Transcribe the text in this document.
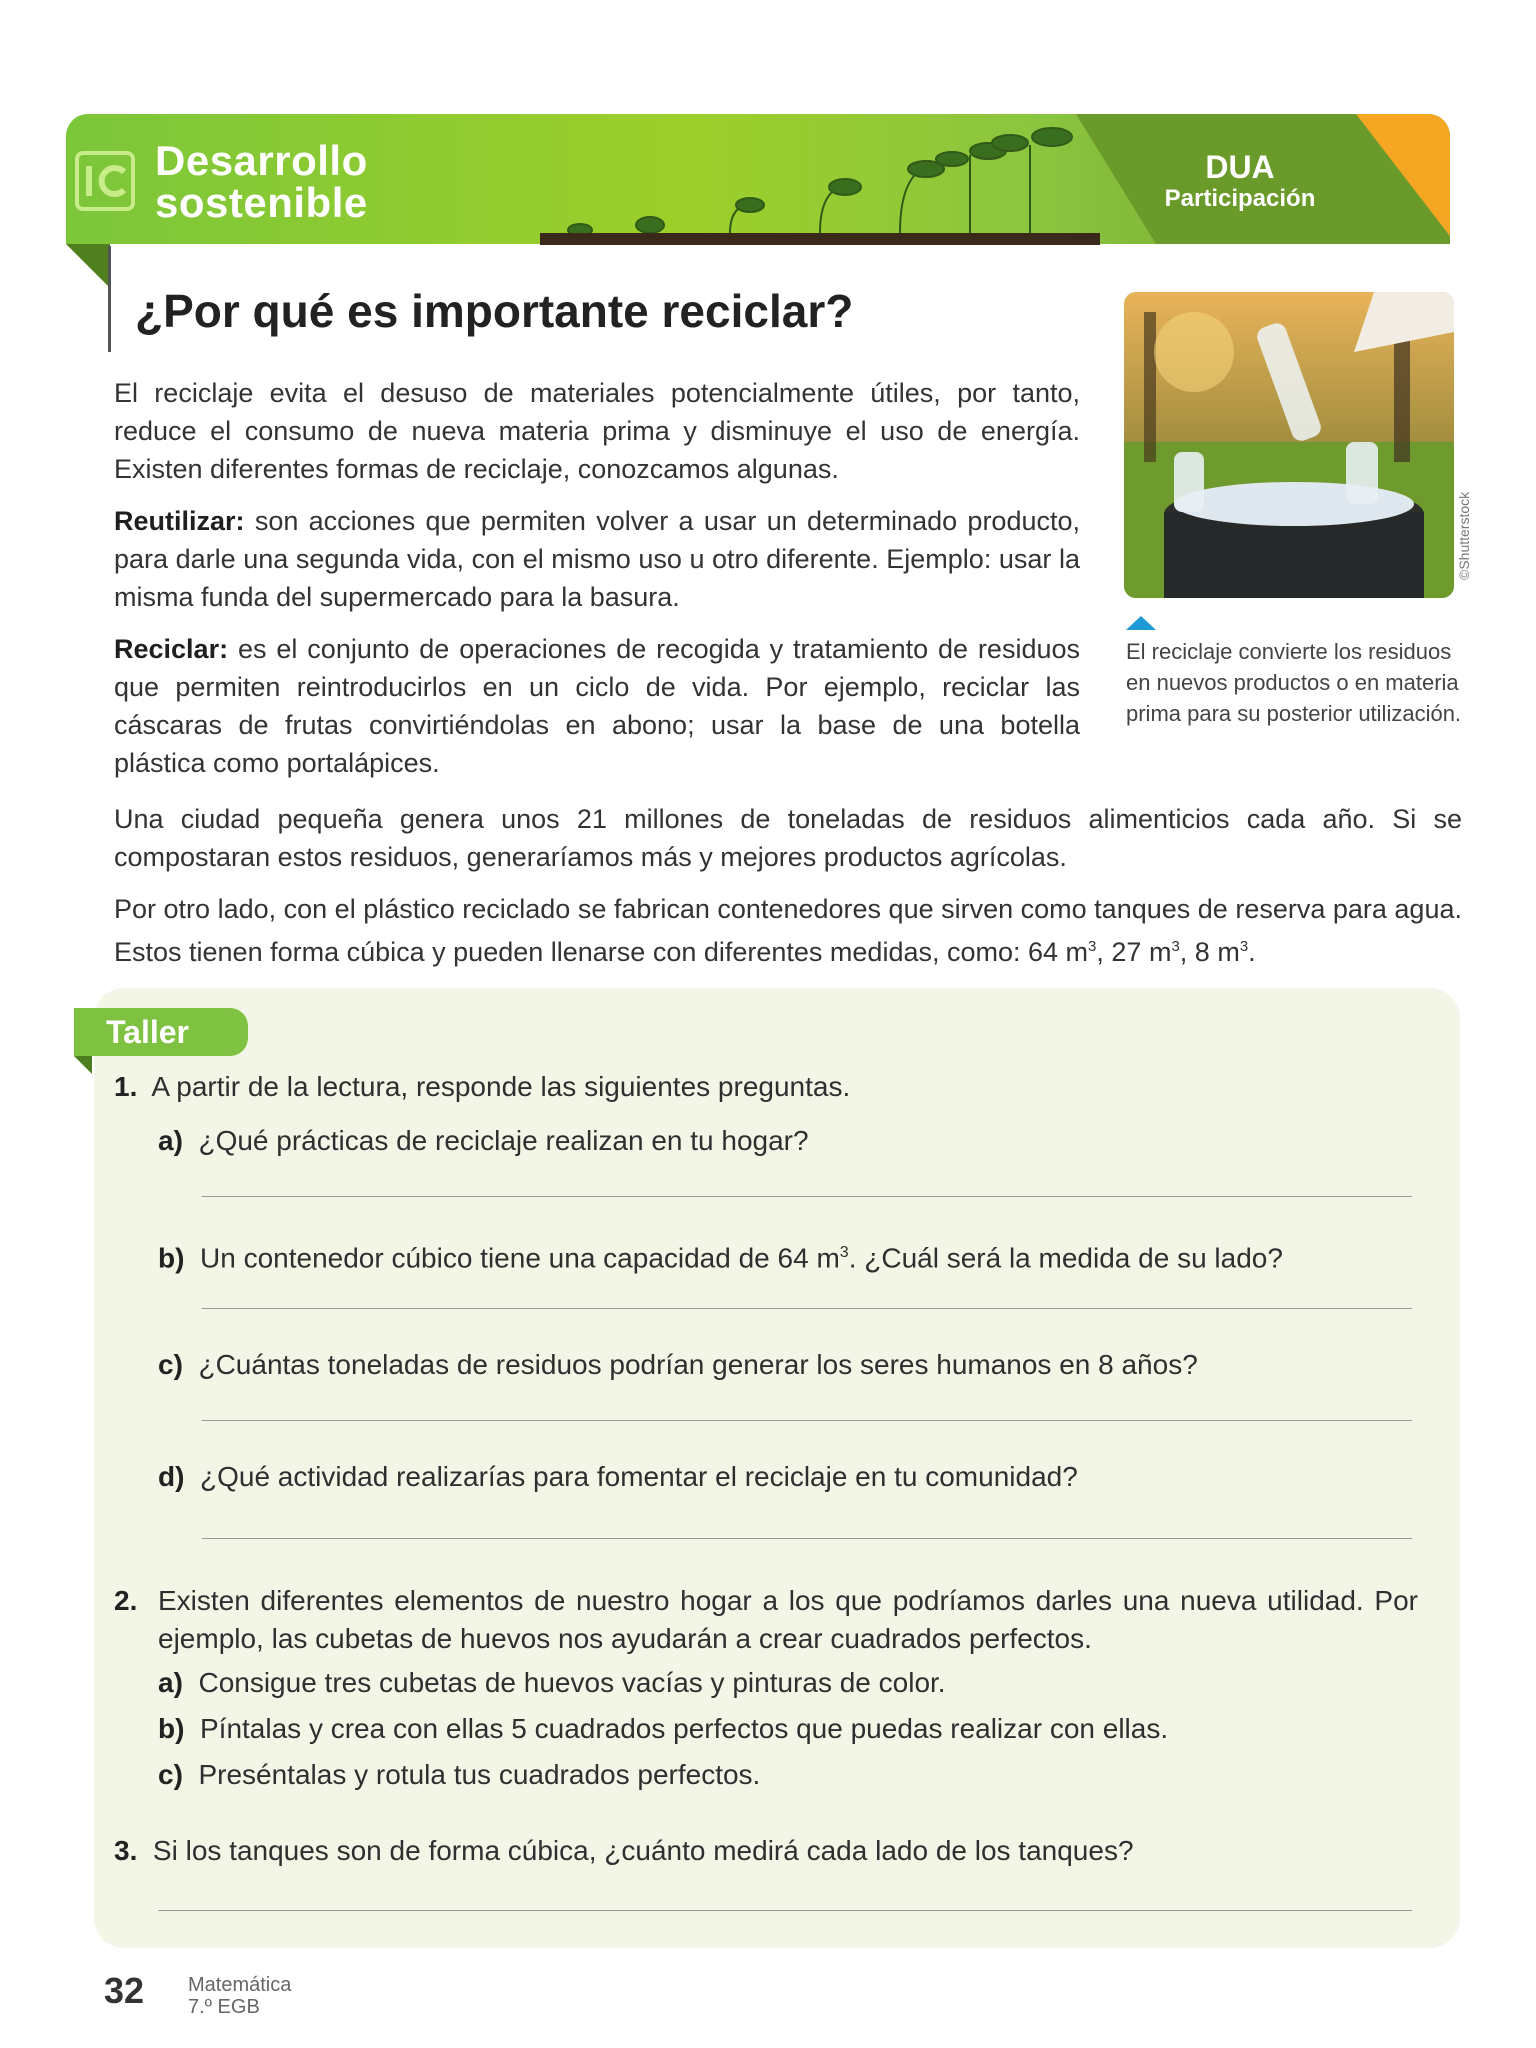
Desarrollo
sostenible
DUA
Participación
¿Por qué es importante reciclar?
El reciclaje evita el desuso de materiales potencialmente útiles, por tanto, reduce el consumo de nueva materia prima y disminuye el uso de energía. Existen diferentes formas de reciclaje, conozcamos algunas.
Reutilizar: son acciones que permiten volver a usar un determinado producto, para darle una segunda vida, con el mismo uso u otro diferente. Ejemplo: usar la misma funda del supermercado para la basura.
Reciclar: es el conjunto de operaciones de recogida y tratamiento de residuos que permiten reintroducirlos en un ciclo de vida. Por ejemplo, reciclar las cáscaras de frutas convirtiéndolas en abono; usar la base de una botella plástica como portalápices.
©Shutterstock
El reciclaje convierte los residuos en nuevos productos o en materia prima para su posterior utilización.
Una ciudad pequeña genera unos 21 millones de toneladas de residuos alimenticios cada año. Si se compostaran estos residuos, generaríamos más y mejores productos agrícolas.
Por otro lado, con el plástico reciclado se fabrican contenedores que sirven como tanques de reserva para agua. Estos tienen forma cúbica y pueden llenarse con diferentes medidas, como: 64 $m^3$, 27 $m^3$, 8 $m^3$.
Taller
1. A partir de la lectura, responde las siguientes preguntas.
a) ¿Qué prácticas de reciclaje realizan en tu hogar?
b) Un contenedor cúbico tiene una capacidad de 64 $m^3$. ¿Cuál será la medida de su lado?
c) ¿Cuántas toneladas de residuos podrían generar los seres humanos en 8 años?
d) ¿Qué actividad realizarías para fomentar el reciclaje en tu comunidad?
2. Existen diferentes elementos de nuestro hogar a los que podríamos darles una nueva utilidad. Por ejemplo, las cubetas de huevos nos ayudarán a crear cuadrados perfectos.
a) Consigue tres cubetas de huevos vacías y pinturas de color.
b) Píntalas y crea con ellas 5 cuadrados perfectos que puedas realizar con ellas.
c) Preséntalas y rotula tus cuadrados perfectos.
3. Si los tanques son de forma cúbica, ¿cuánto medirá cada lado de los tanques?
32 Matemática
7.º EGB
